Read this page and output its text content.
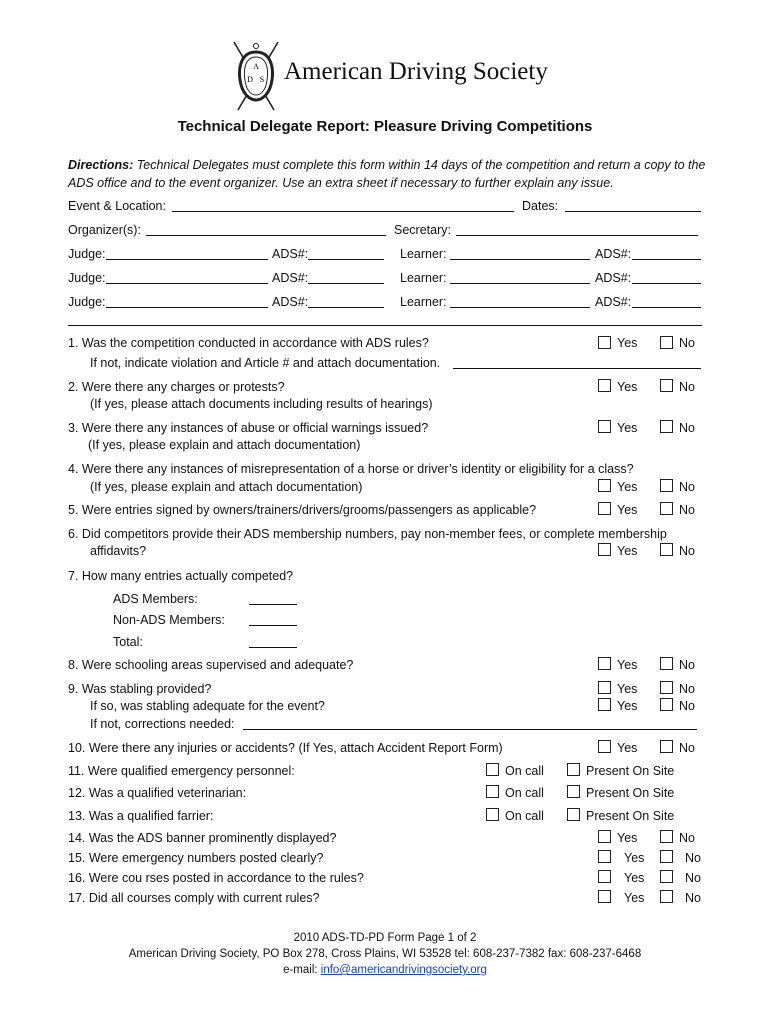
A
D S American Driving Society
Technical Delegate Report: Pleasure Driving Competitions
Directions: Technical Delegates must complete this form within 14 days of the competition and return a copy to the ADS office and to the event organizer. Use an extra sheet if necessary to further explain any issue.
Event & Location:	Dates:
Organizer(s):	Secretary:
Judge:	ADS#:	Learner:	ADS#:
Judge:	ADS#:	Learner:	ADS#:
Judge:	ADS#:	Learner:	ADS#:
1. Was the competition conducted in accordance with ADS rules?	Yes	No
If not, indicate violation and Article # and attach documentation.
2. Were there any charges or protests?	Yes	No
(If yes, please attach documents including results of hearings)
3. Were there any instances of abuse or official warnings issued?	Yes	No
(If yes, please explain and attach documentation)
4. Were there any instances of misrepresentation of a horse or driver’s identity or eligibility for a class?
(If yes, please explain and attach documentation)	Yes	No
5. Were entries signed by owners/trainers/drivers/grooms/passengers as applicable?	Yes	No
6. Did competitors provide their ADS membership numbers, pay non-member fees, or complete membership
affidavits?	Yes	No
7. How many entries actually competed?
ADS Members:
Non-ADS Members:
Total:
8. Were schooling areas supervised and adequate?	Yes	No
9. Was stabling provided?	Yes	No
If so, was stabling adequate for the event?	Yes	No
If not, corrections needed:
10. Were there any injuries or accidents? (If Yes, attach Accident Report Form)	Yes	No
11. Were qualified emergency personnel:	On call	Present On Site
12. Was a qualified veterinarian:	On call	Present On Site
13. Was a qualified farrier:	On call	Present On Site
14. Was the ADS banner prominently displayed?	Yes	No
15. Were emergency numbers posted clearly?	Yes	No
16. Were cou rses posted in accordance to the rules?	Yes	No
17. Did all courses comply with current rules?	Yes	No
2010 ADS-TD-PD Form Page 1 of 2
American Driving Society, PO Box 278, Cross Plains, WI 53528 tel: 608-237-7382 fax: 608-237-6468
e-mail: info@americandrivingsociety.org
